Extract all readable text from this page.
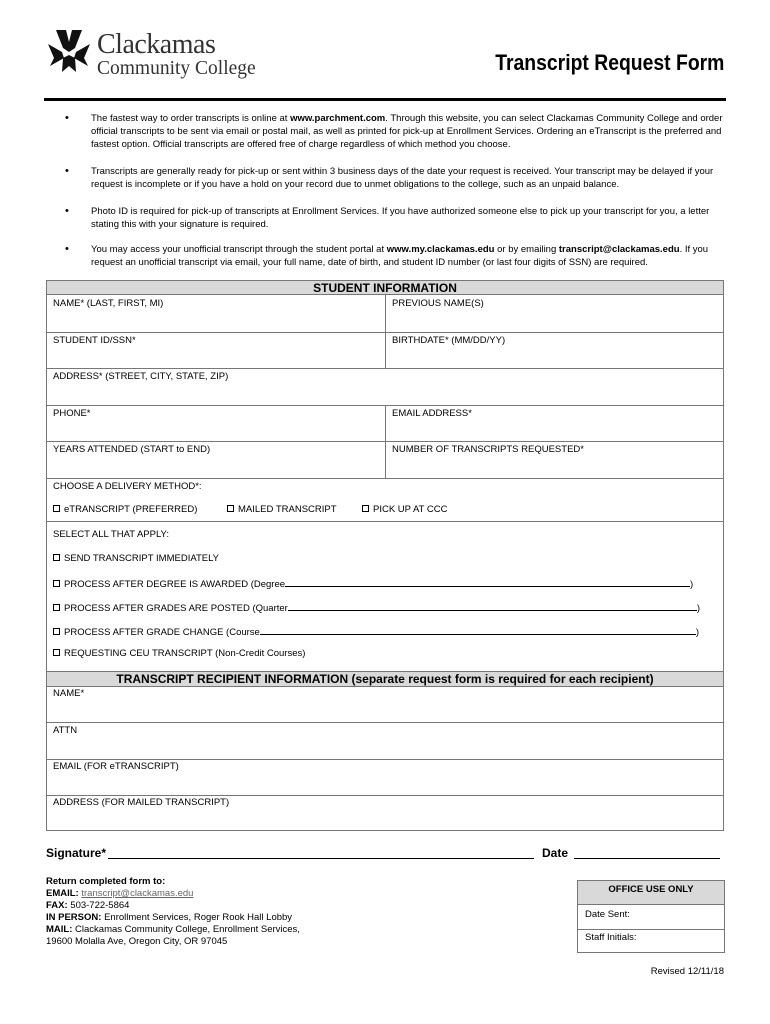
Clackamas
Community College	Transcript Request Form
• The fastest way to order transcripts is online at www.parchment.com. Through this website, you can select Clackamas Community College and order official transcripts to be sent via email or postal mail, as well as printed for pick-up at Enrollment Services. Ordering an eTranscript is the preferred and fastest option. Official transcripts are offered free of charge regardless of which method you choose.
• Transcripts are generally ready for pick-up or sent within 3 business days of the date your request is received. Your transcript may be delayed if your request is incomplete or if you have a hold on your record due to unmet obligations to the college, such as an unpaid balance.
• Photo ID is required for pick-up of transcripts at Enrollment Services. If you have authorized someone else to pick up your transcript for you, a letter stating this with your signature is required.
• You may access your unofficial transcript through the student portal at www.my.clackamas.edu or by emailing transcript@clackamas.edu. If you request an unofficial transcript via email, your full name, date of birth, and student ID number (or last four digits of SSN) are required.
STUDENT INFORMATION
NAME* (LAST, FIRST, MI)	PREVIOUS NAME(S)
STUDENT ID/SSN*	BIRTHDATE* (MM/DD/YY)
ADDRESS* (STREET, CITY, STATE, ZIP)
PHONE*	EMAIL ADDRESS*
YEARS ATTENDED (START to END)	NUMBER OF TRANSCRIPTS REQUESTED*
CHOOSE A DELIVERY METHOD*:
eTRANSCRIPT (PREFERRED)	MAILED TRANSCRIPT	PICK UP AT CCC
SELECT ALL THAT APPLY:
SEND TRANSCRIPT IMMEDIATELY
PROCESS AFTER DEGREE IS AWARDED (Degree	)
PROCESS AFTER GRADES ARE POSTED (Quarter	)
PROCESS AFTER GRADE CHANGE (Course	)
REQUESTING CEU TRANSCRIPT (Non-Credit Courses)
TRANSCRIPT RECIPIENT INFORMATION (separate request form is required for each recipient)
NAME*
ATTN
EMAIL (FOR eTRANSCRIPT)
ADDRESS (FOR MAILED TRANSCRIPT)
Signature*	Date
Return completed form to:
EMAIL: transcript@clackamas.edu
FAX: 503-722-5864
IN PERSON: Enrollment Services, Roger Rook Hall Lobby
MAIL: Clackamas Community College, Enrollment Services,
19600 Molalla Ave, Oregon City, OR 97045
OFFICE USE ONLY
Date Sent:
Staff Initials:
Revised 12/11/18
